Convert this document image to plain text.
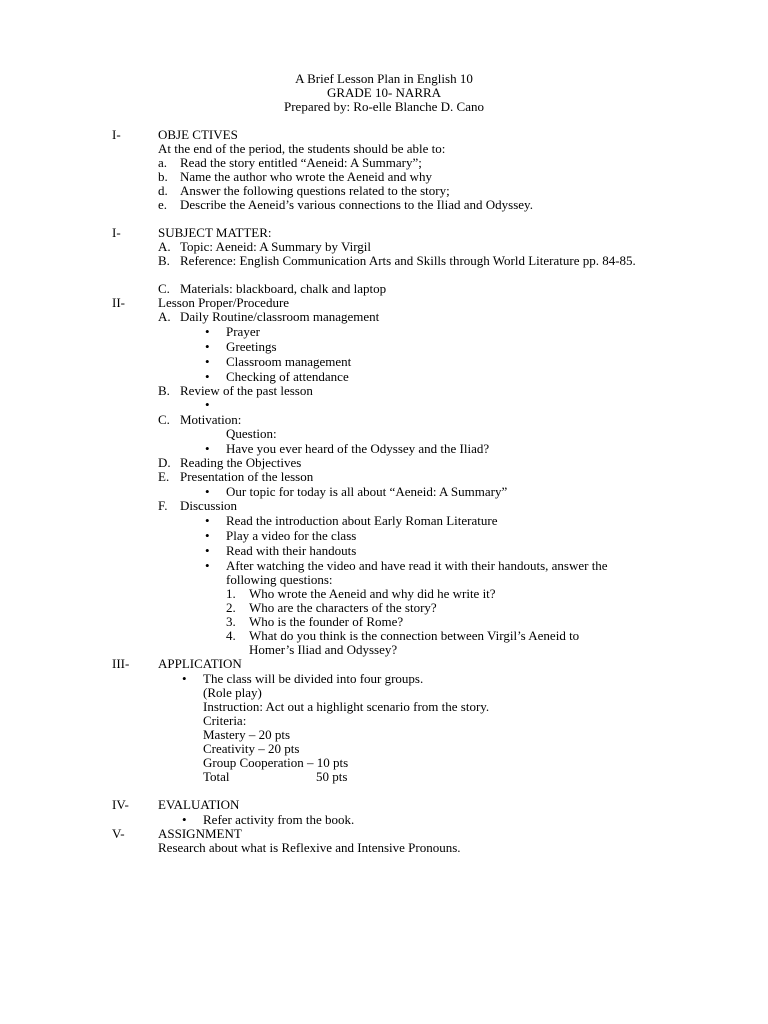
A Brief Lesson Plan in English 10
GRADE 10- NARRA
Prepared by: Ro-elle Blanche D. Cano
I-	OBJE CTIVES
At the end of the period, the students should be able to:
a. Read the story entitled “Aeneid: A Summary”;
b. Name the author who wrote the Aeneid and why
d. Answer the following questions related to the story;
e. Describe the Aeneid’s various connections to the Iliad and Odyssey.
I-	SUBJECT MATTER:
A. Topic: Aeneid: A Summary by Virgil
B. Reference: English Communication Arts and Skills through World Literature pp. 84-85.
C. Materials: blackboard, chalk and laptop
II-	Lesson Proper/Procedure
A. Daily Routine/classroom management
• Prayer
• Greetings
• Classroom management
• Checking of attendance
B. Review of the past lesson
C. Motivation:
Question:
• Have you ever heard of the Odyssey and the Iliad?
D. Reading the Objectives
E. Presentation of the lesson
• Our topic for today is all about “Aeneid: A Summary”
F. Discussion
• Read the introduction about Early Roman Literature
• Play a video for the class
• Read with their handouts
• After watching the video and have read it with their handouts, answer the
following questions:
1. Who wrote the Aeneid and why did he write it?
2. Who are the characters of the story?
3. Who is the founder of Rome?
4. What do you think is the connection between Virgil’s Aeneid to
Homer’s Iliad and Odyssey?
III- APPLICATION
• The class will be divided into four groups.
(Role play)
Instruction: Act out a highlight scenario from the story.
Criteria:
Mastery – 20 pts
Creativity – 20 pts
Group Cooperation – 10 pts
Total	50 pts
IV- EVALUATION
• Refer activity from the book.
V-	ASSIGNMENT
Research about what is Reflexive and Intensive Pronouns.
